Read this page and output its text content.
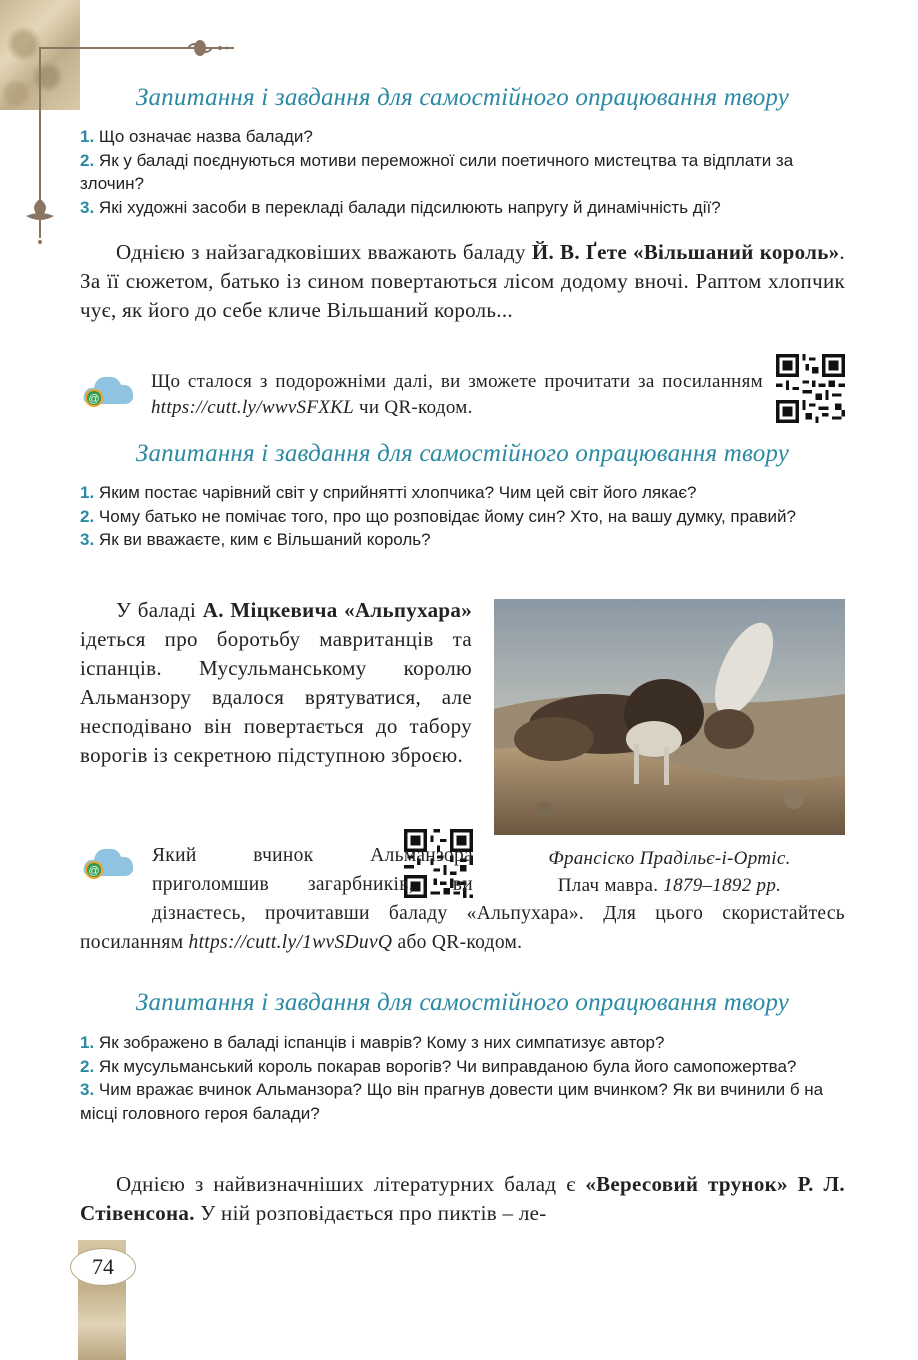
Запитання і завдання для самостійного опрацювання твору

1. Що означає назва балади?

2. Як у баладі поєднуються мотиви переможної сили поетичного мистецтва та відплати за злочин?

3. Які художні засоби в перекладі балади підсилюють напругу й динамічність дії?

Однією з найзагадковіших вважають баладу Й. В. Ґете «Вільшаний король». За її сюжетом, батько із сином повертаються лісом додому вночі. Раптом хлопчик чує, як його до себе кличе Вільшаний король...

@

Що сталося з подорожніми далі, ви зможете прочитати за посиланням https://cutt.ly/wwvSFXKL чи QR-кодом.

Запитання і завдання для самостійного опрацювання твору

1. Яким постає чарівний світ у сприйнятті хлопчика? Чим цей світ його лякає?

2. Чому батько не помічає того, про що розповідає йому син? Хто, на вашу думку, правий?

3. Як ви вважаєте, ким є Вільшаний король?

У баладі А. Міцкевича «Альпухара» ідеться про боротьбу мавританців та іспанців. Мусульманському королю Альманзору вдалося врятуватися, але несподівано він повертається до табору ворогів із секретною підступною зброєю.

Франсіско Прадільє-і-Ортіс.
Плач мавра. 1879–1892 рр.
@

Який вчинок Альманзора приголомшив загарбників, ви дізнаєтесь, прочитавши баладу «Альпухара». Для цього скористайтесь посиланням https://cutt.ly/1wvSDuvQ або QR-кодом.

Запитання і завдання для самостійного опрацювання твору

1. Як зображено в баладі іспанців і маврів? Кому з них симпатизує автор?

2. Як мусульманський король покарав ворогів? Чи виправданою була його самопожертва?

3. Чим вражає вчинок Альманзора? Що він прагнув довести цим вчинком? Як ви вчинили б на місці головного героя балади?

Однією з найвизначніших літературних балад є «Вересовий трунок» Р. Л. Стівенсона. У ній розповідається про пиктів – ле-

74
